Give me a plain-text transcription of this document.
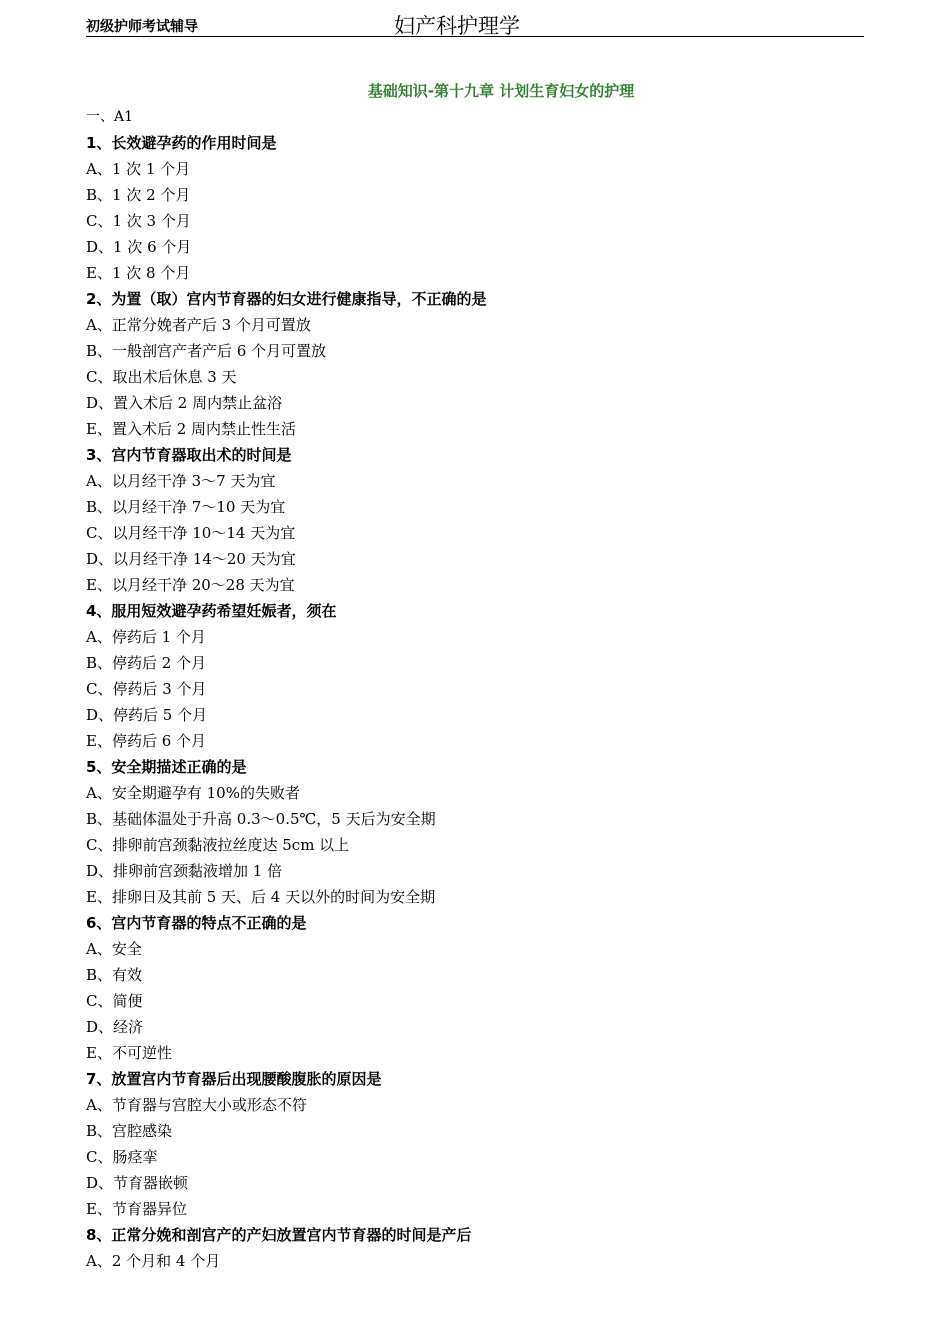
初级护师考试辅导	妇产科护理学
基础知识-第十九章 计划生育妇女的护理
一、A1
1、长效避孕药的作用时间是
A、1 次 1 个月
B、1 次 2 个月
C、1 次 3 个月
D、1 次 6 个月
E、1 次 8 个月
2、为置（取）宫内节育器的妇女进行健康指导，不正确的是
A、正常分娩者产后 3 个月可置放
B、一般剖宫产者产后 6 个月可置放
C、取出术后休息 3 天
D、置入术后 2 周内禁止盆浴
E、置入术后 2 周内禁止性生活
3、宫内节育器取出术的时间是
A、以月经干净 3～7 天为宜
B、以月经干净 7～10 天为宜
C、以月经干净 10～14 天为宜
D、以月经干净 14～20 天为宜
E、以月经干净 20～28 天为宜
4、服用短效避孕药希望妊娠者，须在
A、停药后 1 个月
B、停药后 2 个月
C、停药后 3 个月
D、停药后 5 个月
E、停药后 6 个月
5、安全期描述正确的是
A、安全期避孕有 10%的失败者
B、基础体温处于升高 0.3～0.5℃，5 天后为安全期
C、排卵前宫颈黏液拉丝度达 5cm 以上
D、排卵前宫颈黏液增加 1 倍
E、排卵日及其前 5 天、后 4 天以外的时间为安全期
6、宫内节育器的特点不正确的是
A、安全
B、有效
C、简便
D、经济
E、不可逆性
7、放置宫内节育器后出现腰酸腹胀的原因是
A、节育器与宫腔大小或形态不符
B、宫腔感染
C、肠痉挛
D、节育器嵌顿
E、节育器异位
8、正常分娩和剖宫产的产妇放置宫内节育器的时间是产后
A、2 个月和 4 个月
